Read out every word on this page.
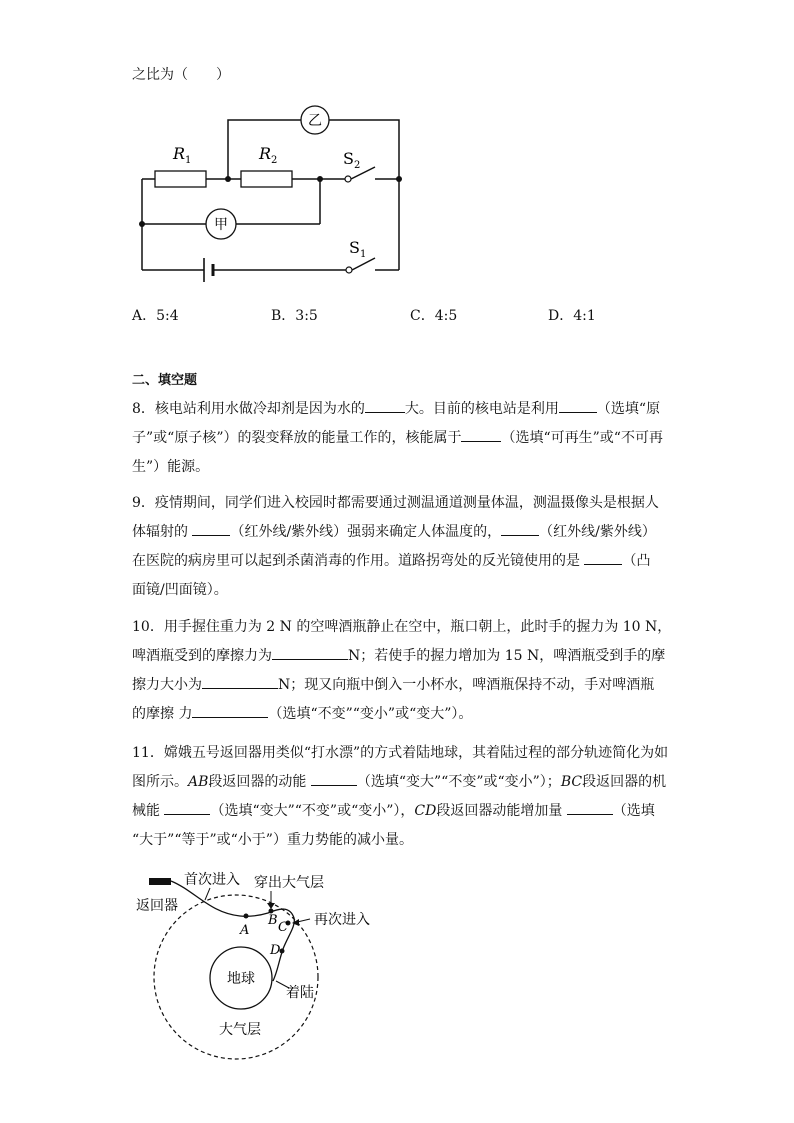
之比为（　　）
甲
乙
$R_1$	$R_2$	$S_2$
$S_1$
A．5:4	B．3:5	C．4:5	D．4:1
二、填空题
8．核电站利用水做冷却剂是因为水的	大。目前的核电站是利用	（选填“原
子”或“原子核”）的裂变释放的能量工作的，核能属于	（选填“可再生”或“不可再
生”）能源。
9．疫情期间，同学们进入校园时都需要通过测温通道测量体温，测温摄像头是根据人
体辐射的	（红外线/紫外线）强弱来确定人体温度的，	（红外线/紫外线）
在医院的病房里可以起到杀菌消毒的作用。道路拐弯处的反光镜使用的是	（凸
面镜/凹面镜）。
10．用手握住重力为 2 N 的空啤酒瓶静止在空中，瓶口朝上，此时手的握力为 10 N，
啤酒瓶受到的摩擦力为	N；若使手的握力增加为 15 N，啤酒瓶受到手的摩
擦力大小为	N；现又向瓶中倒入一小杯水，啤酒瓶保持不动，手对啤酒瓶
的摩擦 力	（选填“不变”“变小”或“变大”）。
11．嫦娥五号返回器用类似“打水漂”的方式着陆地球，其着陆过程的部分轨迹简化为如
图所示。AB段返回器的动能	（选填“变大”“不变”或“变小”）；BC段返回器的机
械能	（选填“变大”“不变”或“变小”），CD段返回器动能增加量	（选填
“大于”“等于”或“小于”）重力势能的减小量。
地球
A
B C
D
首次进入 穿出大气层
再次进入
返回器
着陆
大气层
